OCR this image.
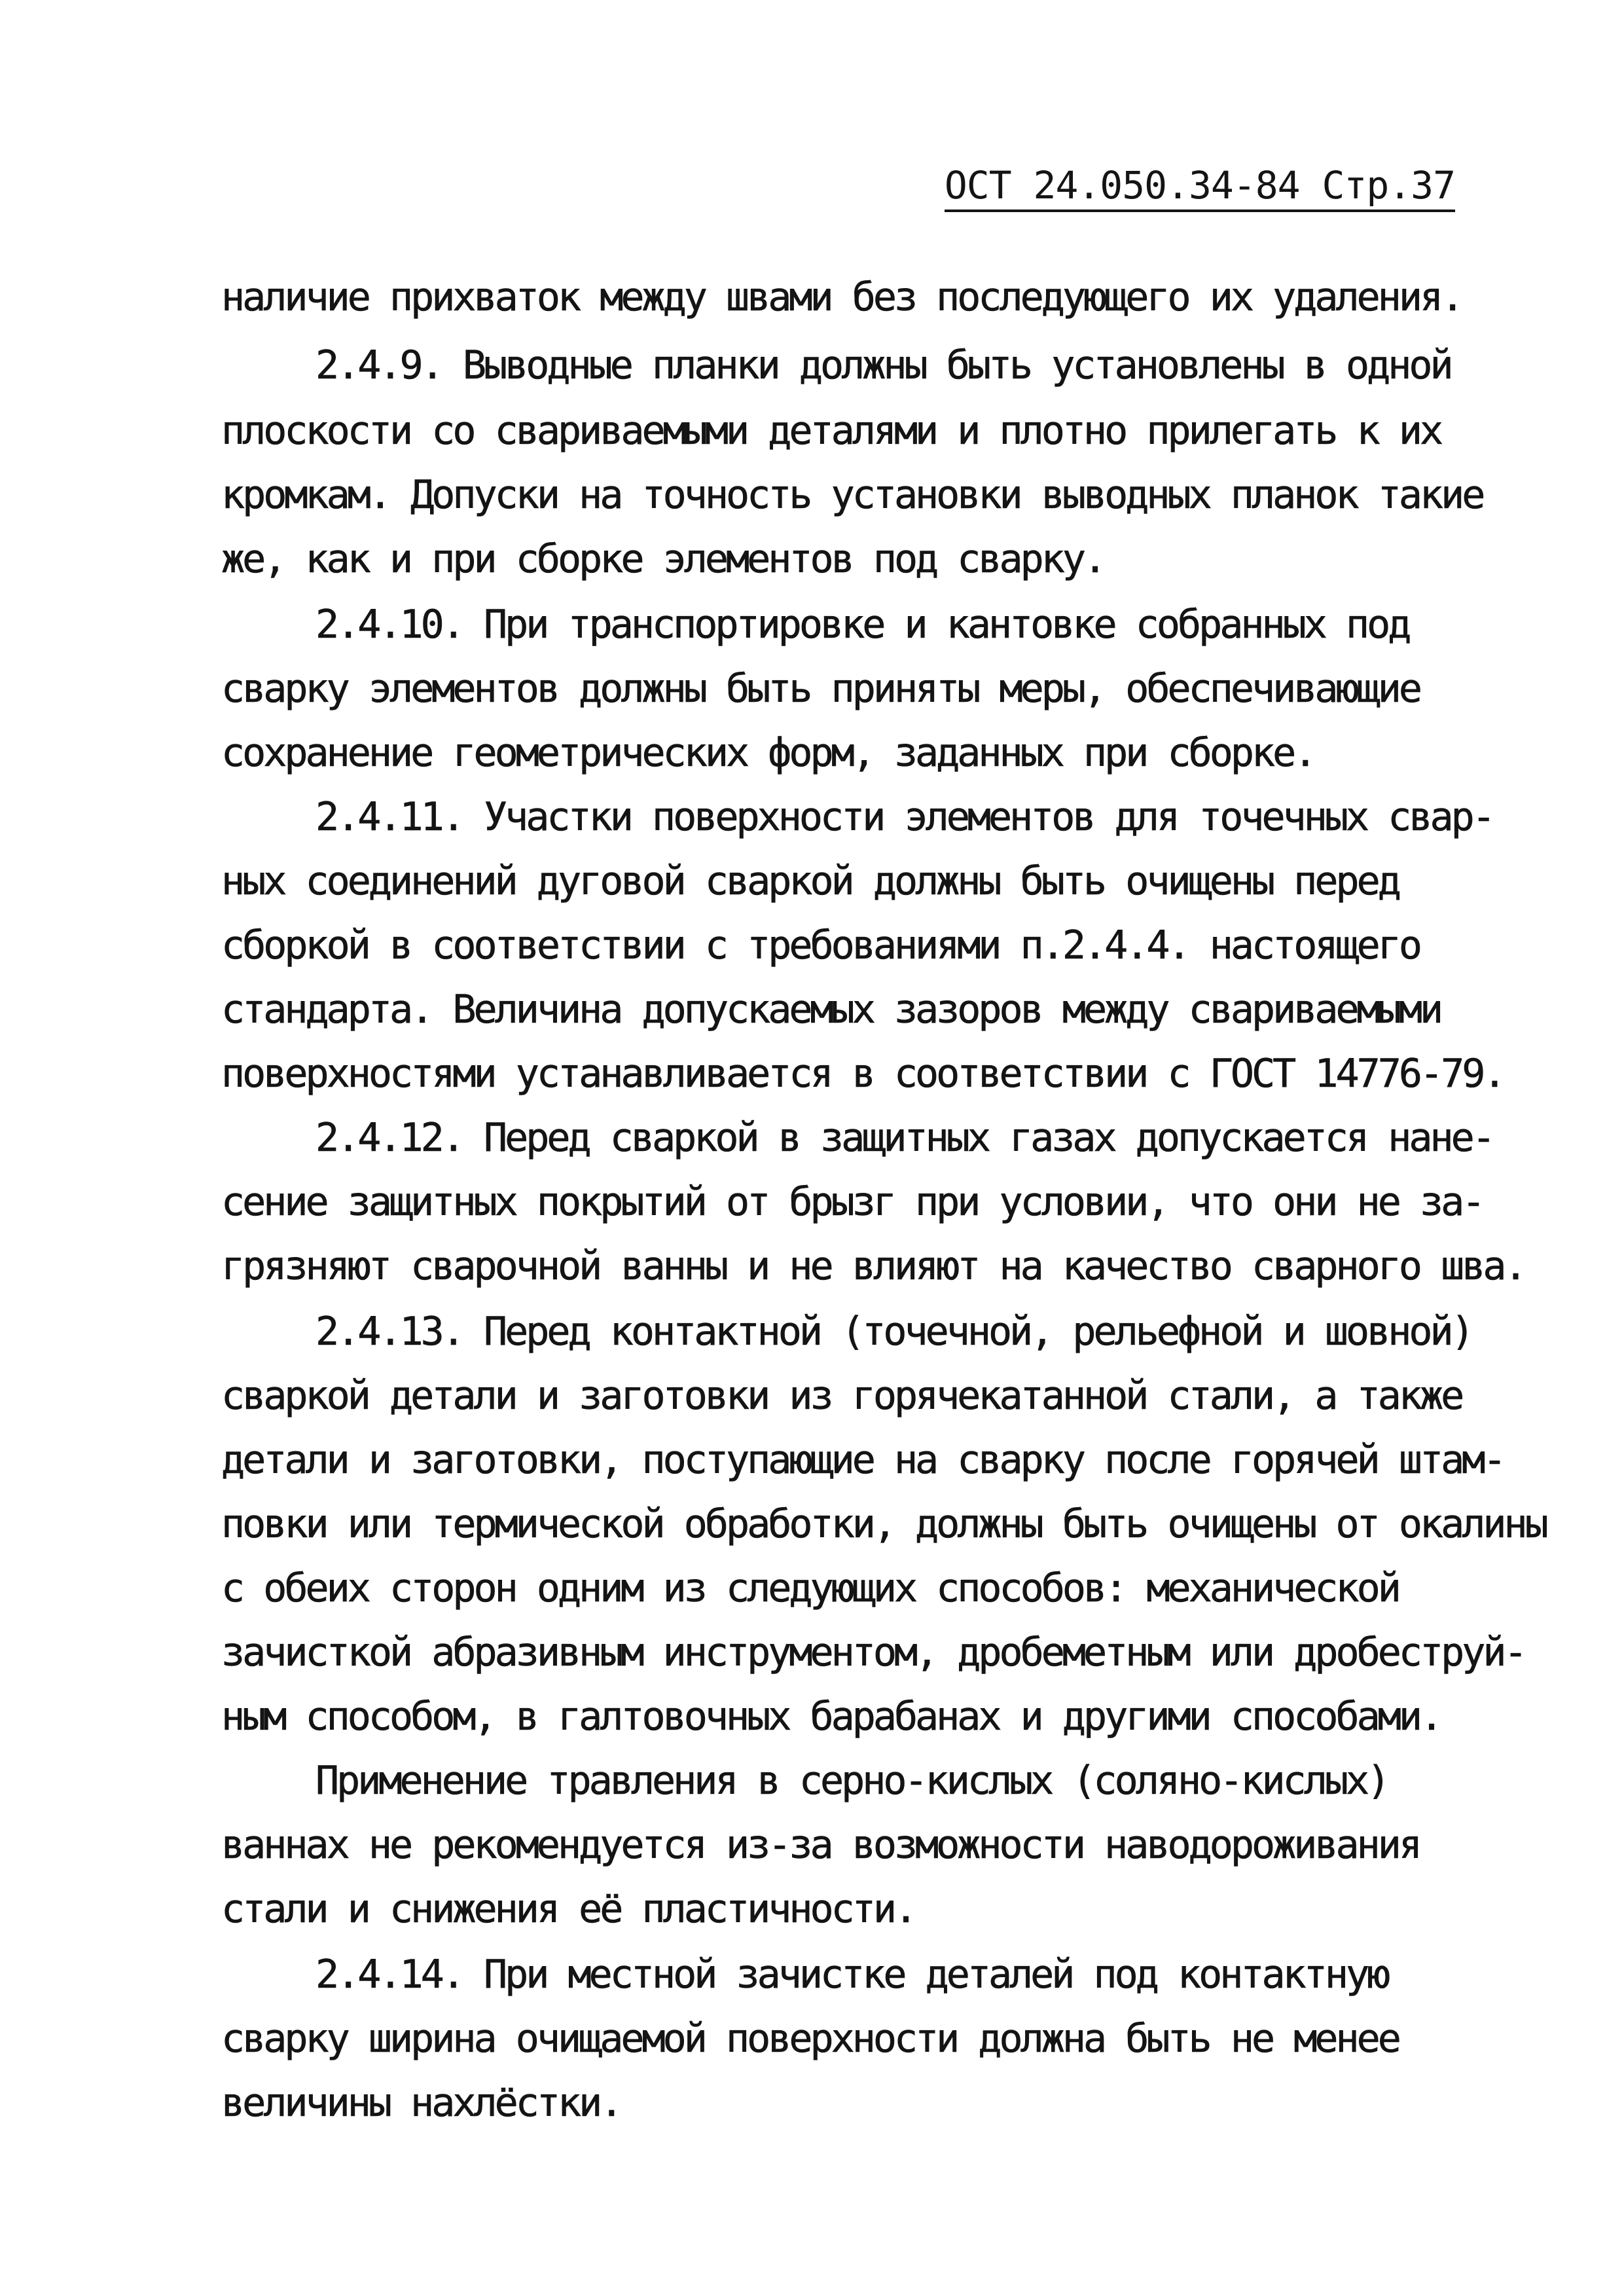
ОСТ 24.050.34-84 Стр.37
наличие прихваток между швами без последующего их удаления.
2.4.9. Выводные планки должны быть установлены в одной
плоскости со свариваемыми деталями и плотно прилегать к их
кромкам. Допуски на точность установки выводных планок такие
же, как и при сборке элементов под сварку.
2.4.10. При транспортировке и кантовке собранных под
сварку элементов должны быть приняты меры, обеспечивающие
сохранение геометрических форм, заданных при сборке.
2.4.11. Участки поверхности элементов для точечных свар-
ных соединений дуговой сваркой должны быть очищены перед
сборкой в соответствии с требованиями п.2.4.4. настоящего
стандарта. Величина допускаемых зазоров между свариваемыми
поверхностями устанавливается в соответствии с ГОСТ 14776-79.
2.4.12. Перед сваркой в защитных газах допускается нане-
сение защитных покрытий от брызг при условии, что они не за-
грязняют сварочной ванны и не влияют на качество сварного шва.
2.4.13. Перед контактной (точечной, рельефной и шовной)
сваркой детали и заготовки из горячекатанной стали, а также
детали и заготовки, поступающие на сварку после горячей штам-
повки или термической обработки, должны быть очищены от окалины
с обеих сторон одним из следующих способов: механической
зачисткой абразивным инструментом, дробеметным или дробеструй-
ным способом, в галтовочных барабанах и другими способами.
Применение травления в серно-кислых (соляно-кислых)
ваннах не рекомендуется из-за возможности наводороживания
стали и снижения её пластичности.
2.4.14. При местной зачистке деталей под контактную
сварку ширина очищаемой поверхности должна быть не менее
величины нахлёстки.
